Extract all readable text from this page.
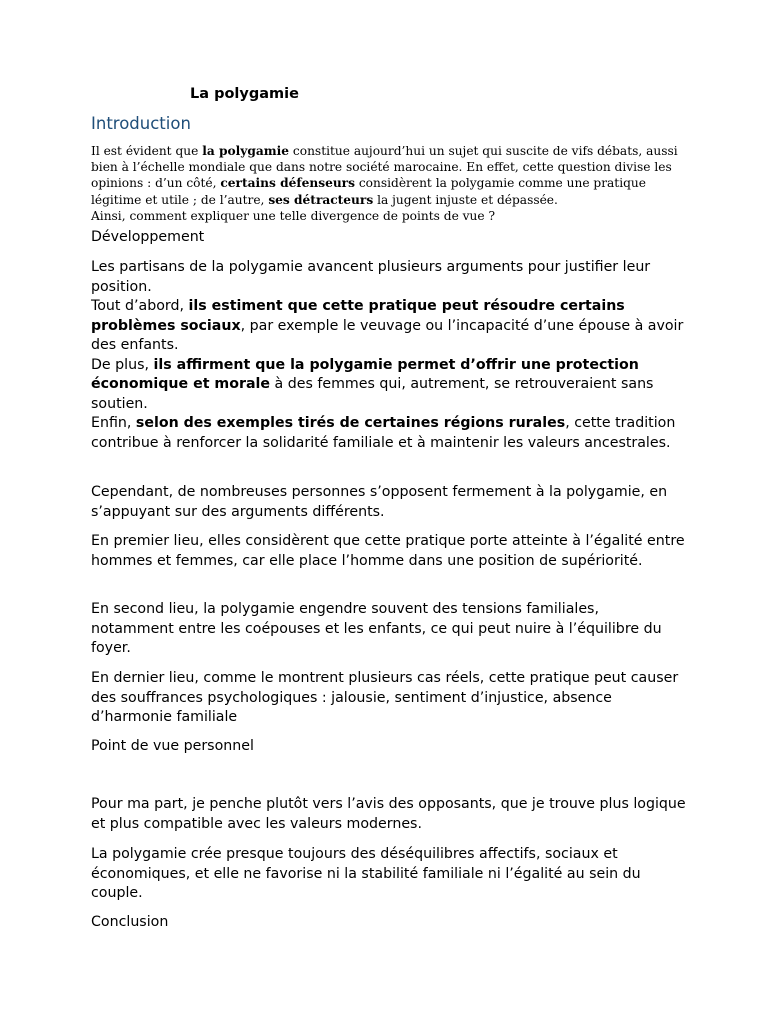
La polygamie
Introduction

Il est évident que la polygamie constitue aujourd’hui un sujet qui suscite de vifs débats, aussi bien à l’échelle mondiale que dans notre société marocaine. En effet, cette question divise les opinions : d’un côté, certains défenseurs considèrent la polygamie comme une pratique légitime et utile ; de l’autre, ses détracteurs la jugent injuste et dépassée.

Ainsi, comment expliquer une telle divergence de points de vue ?

Développement

Les partisans de la polygamie avancent plusieurs arguments pour justifier leur position.

Tout d’abord, ils estiment que cette pratique peut résoudre certains problèmes sociaux, par exemple le veuvage ou l’incapacité d’une épouse à avoir des enfants.

De plus, ils affirment que la polygamie permet d’offrir une protection économique et morale à des femmes qui, autrement, se retrouveraient sans soutien.

Enfin, selon des exemples tirés de certaines régions rurales, cette tradition contribue à renforcer la solidarité familiale et à maintenir les valeurs ancestrales.

Cependant, de nombreuses personnes s’opposent fermement à la polygamie, en s’appuyant sur des arguments différents.

En premier lieu, elles considèrent que cette pratique porte atteinte à l’égalité entre hommes et femmes, car elle place l’homme dans une position de supériorité.

En second lieu, la polygamie engendre souvent des tensions familiales, notamment entre les coépouses et les enfants, ce qui peut nuire à l’équilibre du foyer.

En dernier lieu, comme le montrent plusieurs cas réels, cette pratique peut causer des souffrances psychologiques : jalousie, sentiment d’injustice, absence d’harmonie familiale

Point de vue personnel

Pour ma part, je penche plutôt vers l’avis des opposants, que je trouve plus logique et plus compatible avec les valeurs modernes.

La polygamie crée presque toujours des déséquilibres affectifs, sociaux et économiques, et elle ne favorise ni la stabilité familiale ni l’égalité au sein du couple.

Conclusion
